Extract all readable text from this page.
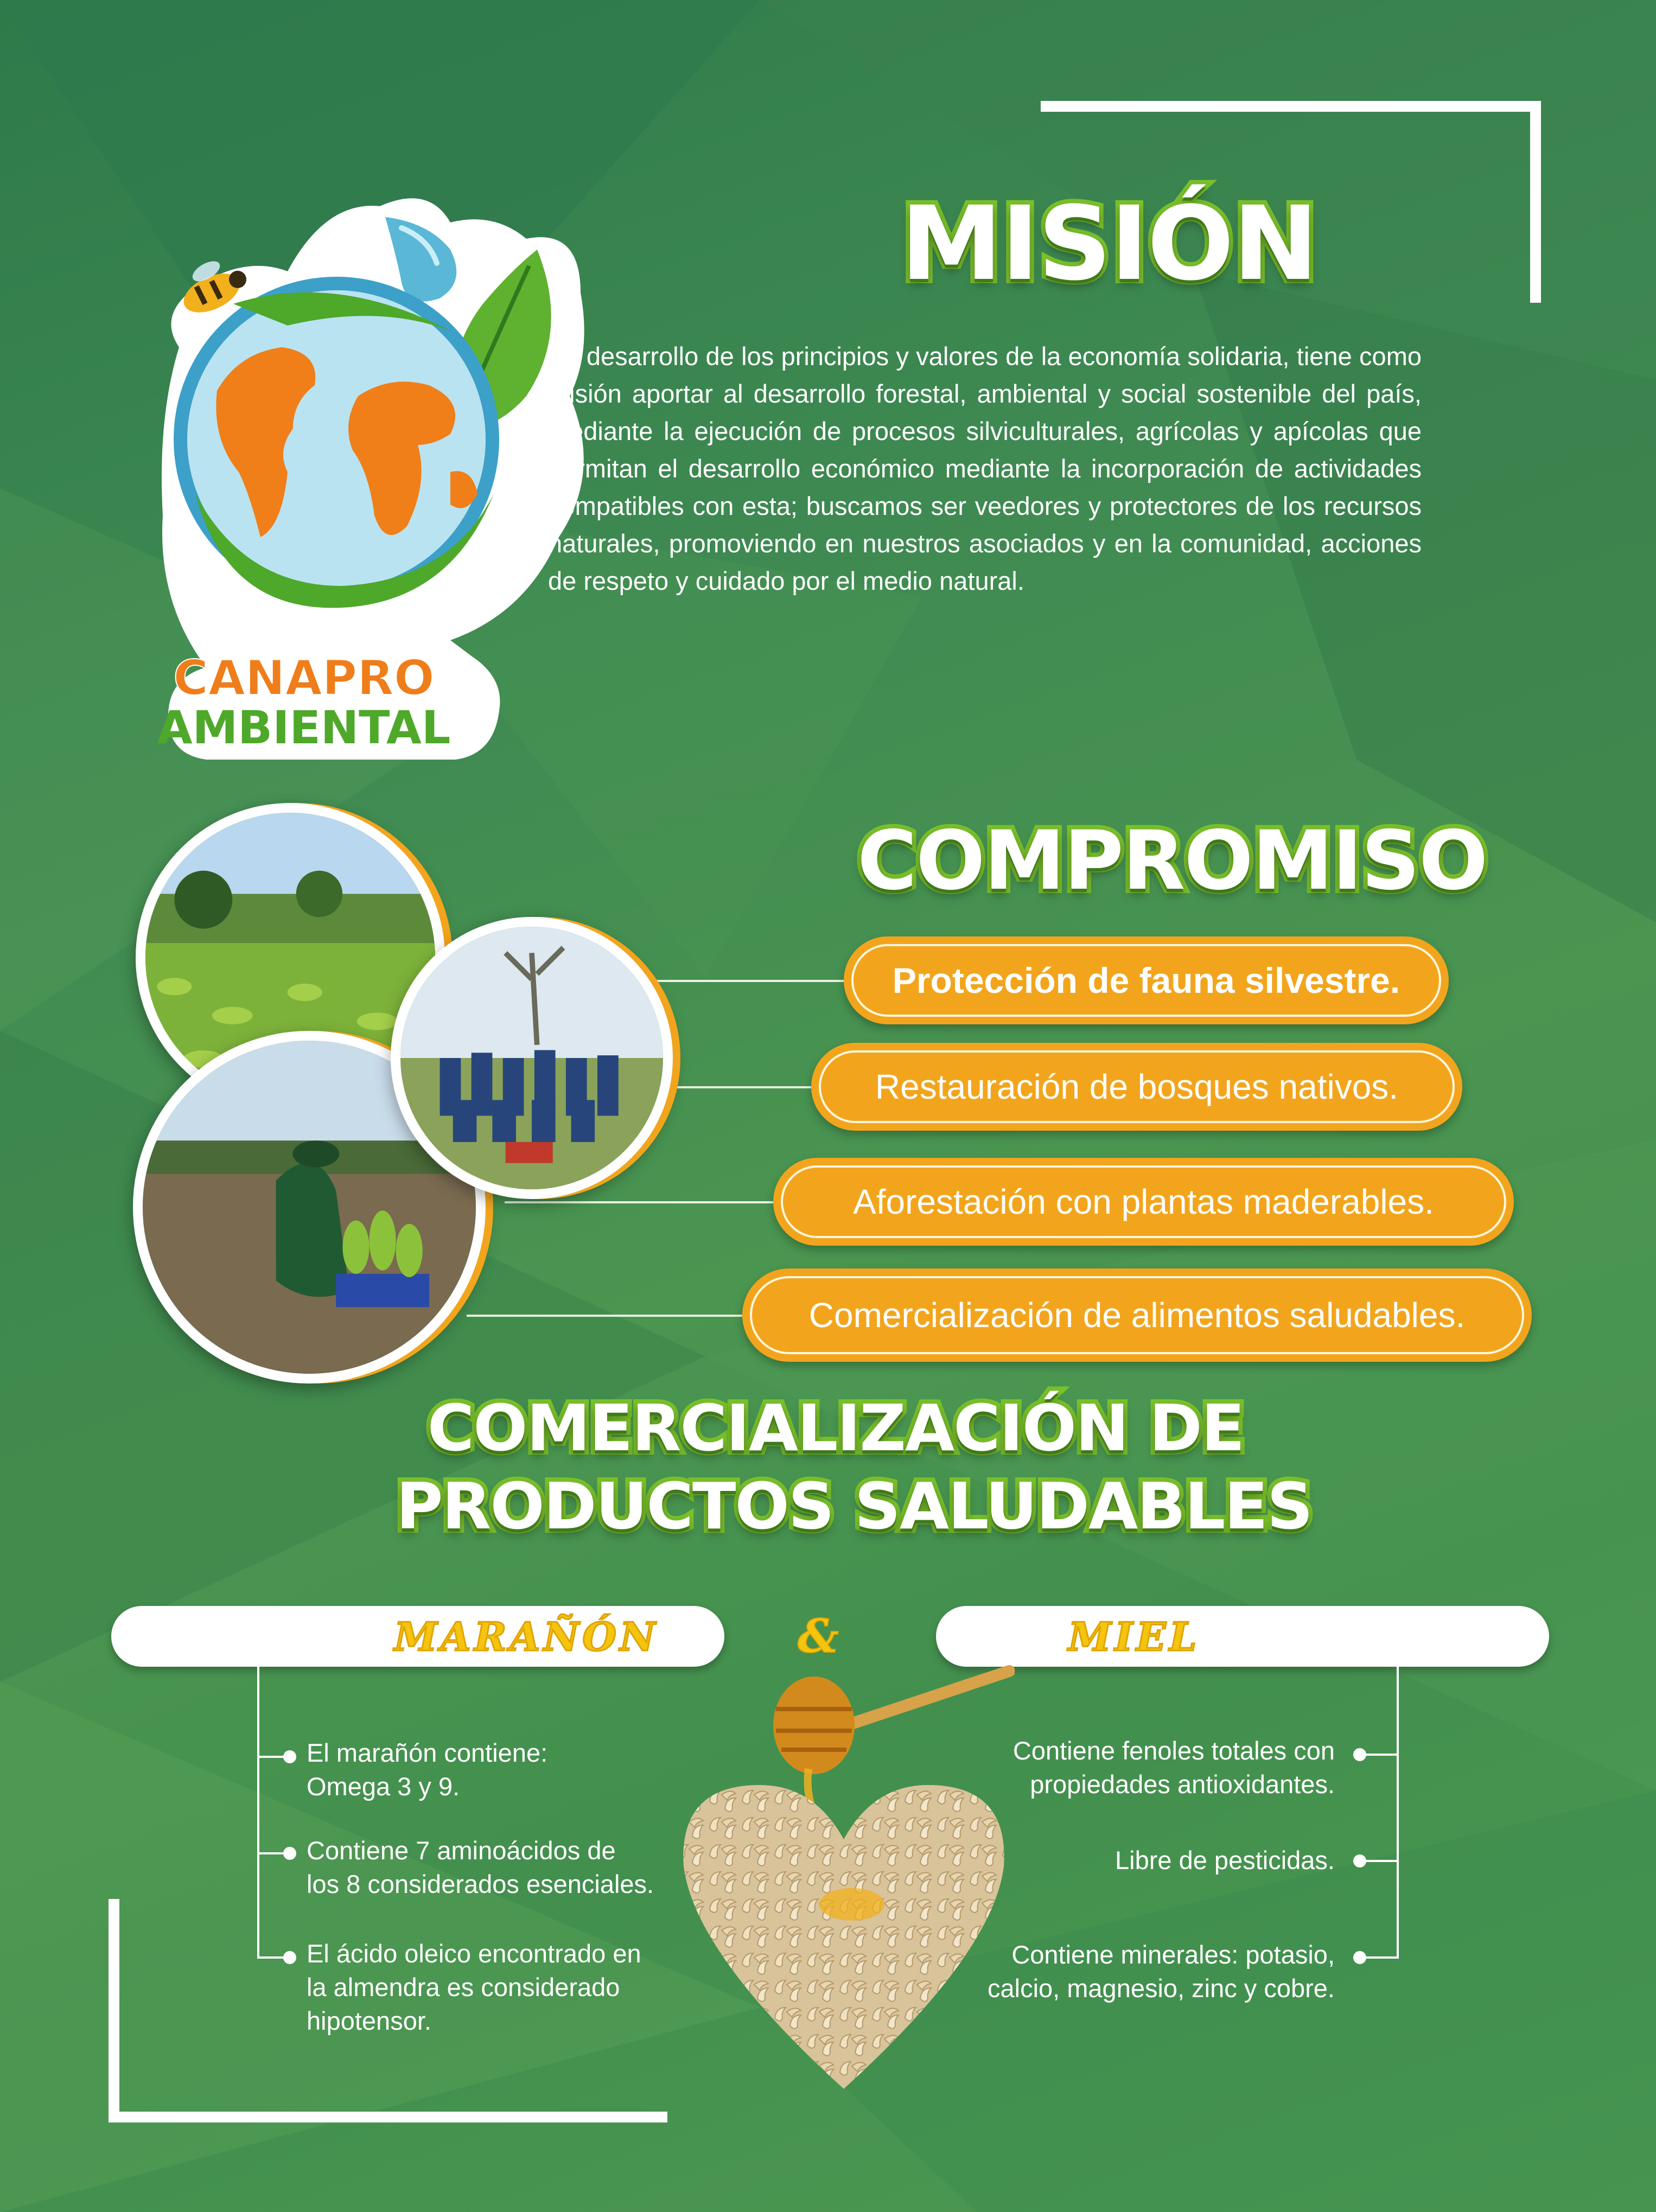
CANAPRO
AMBIENTAL
MISIÓN
En desarrollo de los principios y valores de la economía solidaria, tiene como misión aportar al desarrollo forestal, ambiental y social sostenible del país, mediante la ejecución de procesos silviculturales, agrícolas y apícolas que permitan el desarrollo económico mediante la incorporación de actividades compatibles con esta; buscamos ser veedores y protectores de los recursos naturales, promoviendo en nuestros asociados y en la comunidad, acciones de respeto y cuidado por el medio natural.
COMPROMISO
Protección de fauna silvestre.
Restauración de bosques nativos.
Aforestación con plantas maderables.
Comercialización de alimentos saludables.
COMERCIALIZACIÓN DE
PRODUCTOS SALUDABLES
MARAÑÓN	&	MIEL
El marañón contiene:
Omega 3 y 9.
Contiene 7 aminoácidos de
los 8 considerados esenciales.
El ácido oleico encontrado en
la almendra es considerado
hipotensor.
Contiene fenoles totales con
propiedades antioxidantes.
Libre de pesticidas.
Contiene minerales: potasio,
calcio, magnesio, zinc y cobre.
